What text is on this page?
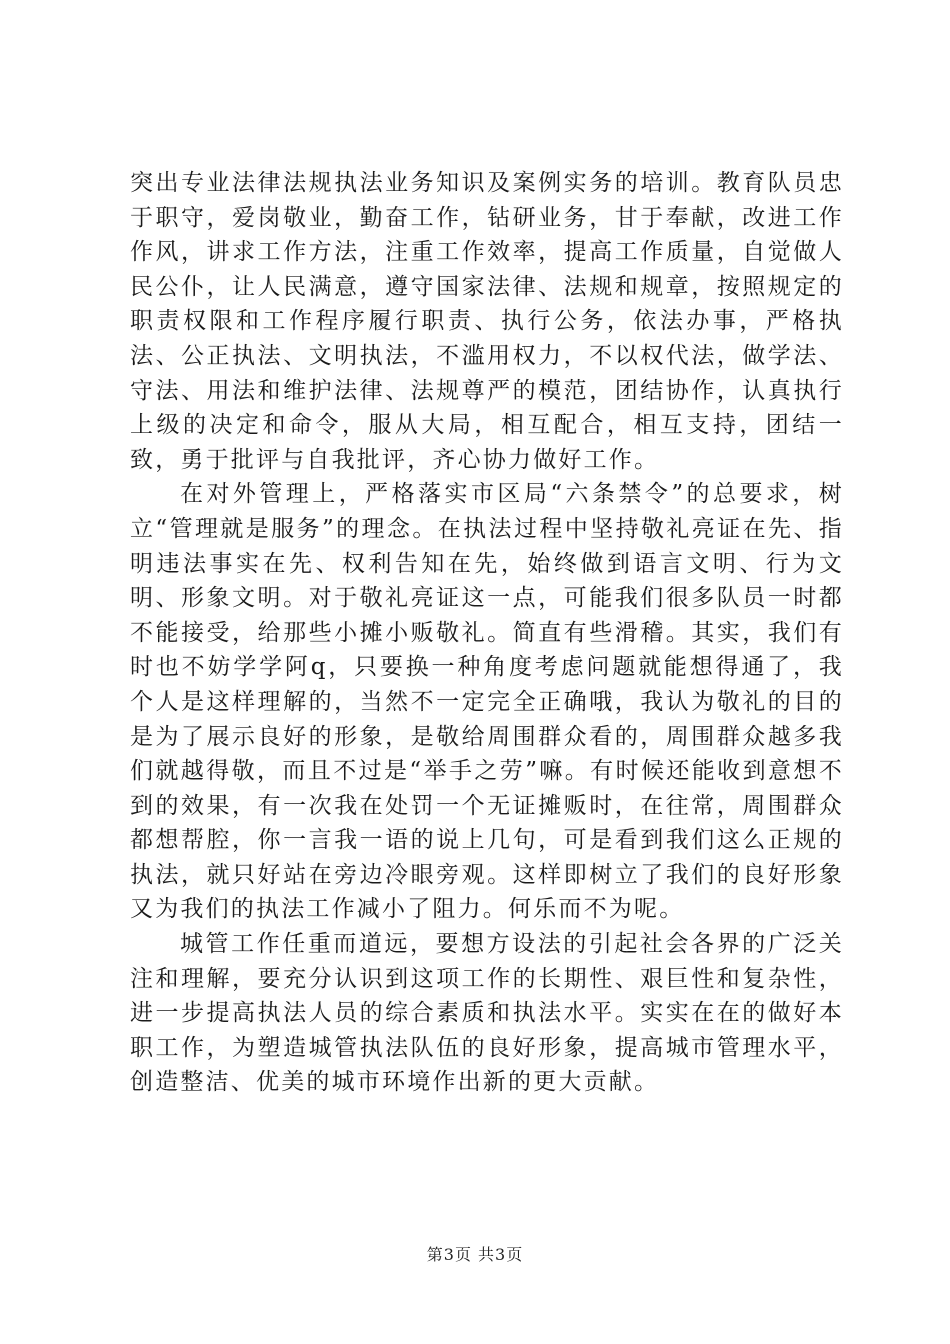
突出专业法律法规执法业务知识及案例实务的培训。教育队员忠于职守，爱岗敬业，勤奋工作，钻研业务，甘于奉献，改进工作作风，讲求工作方法，注重工作效率，提高工作质量，自觉做人民公仆，让人民满意，遵守国家法律、法规和规章，按照规定的职责权限和工作程序履行职责、执行公务，依法办事，严格执法、公正执法、文明执法，不滥用权力，不以权代法，做学法、守法、用法和维护法律、法规尊严的模范，团结协作，认真执行上级的决定和命令，服从大局，相互配合，相互支持，团结一致，勇于批评与自我批评，齐心协力做好工作。

在对外管理上，严格落实市区局“六条禁令”的总要求，树立“管理就是服务”的理念。在执法过程中坚持敬礼亮证在先、指明违法事实在先、权利告知在先，始终做到语言文明、行为文明、形象文明。对于敬礼亮证这一点，可能我们很多队员一时都不能接受，给那些小摊小贩敬礼。简直有些滑稽。其实，我们有时也不妨学学阿q，只要换一种角度考虑问题就能想得通了，我个人是这样理解的，当然不一定完全正确哦，我认为敬礼的目的是为了展示良好的形象，是敬给周围群众看的，周围群众越多我们就越得敬，而且不过是“举手之劳”嘛。有时候还能收到意想不到的效果，有一次我在处罚一个无证摊贩时，在往常，周围群众都想帮腔，你一言我一语的说上几句，可是看到我们这么正规的执法，就只好站在旁边冷眼旁观。这样即树立了我们的良好形象又为我们的执法工作减小了阻力。何乐而不为呢。

城管工作任重而道远，要想方设法的引起社会各界的广泛关注和理解，要充分认识到这项工作的长期性、艰巨性和复杂性，进一步提高执法人员的综合素质和执法水平。实实在在的做好本职工作，为塑造城管执法队伍的良好形象，提高城市管理水平，创造整洁、优美的城市环境作出新的更大贡献。

第3页 共3页
